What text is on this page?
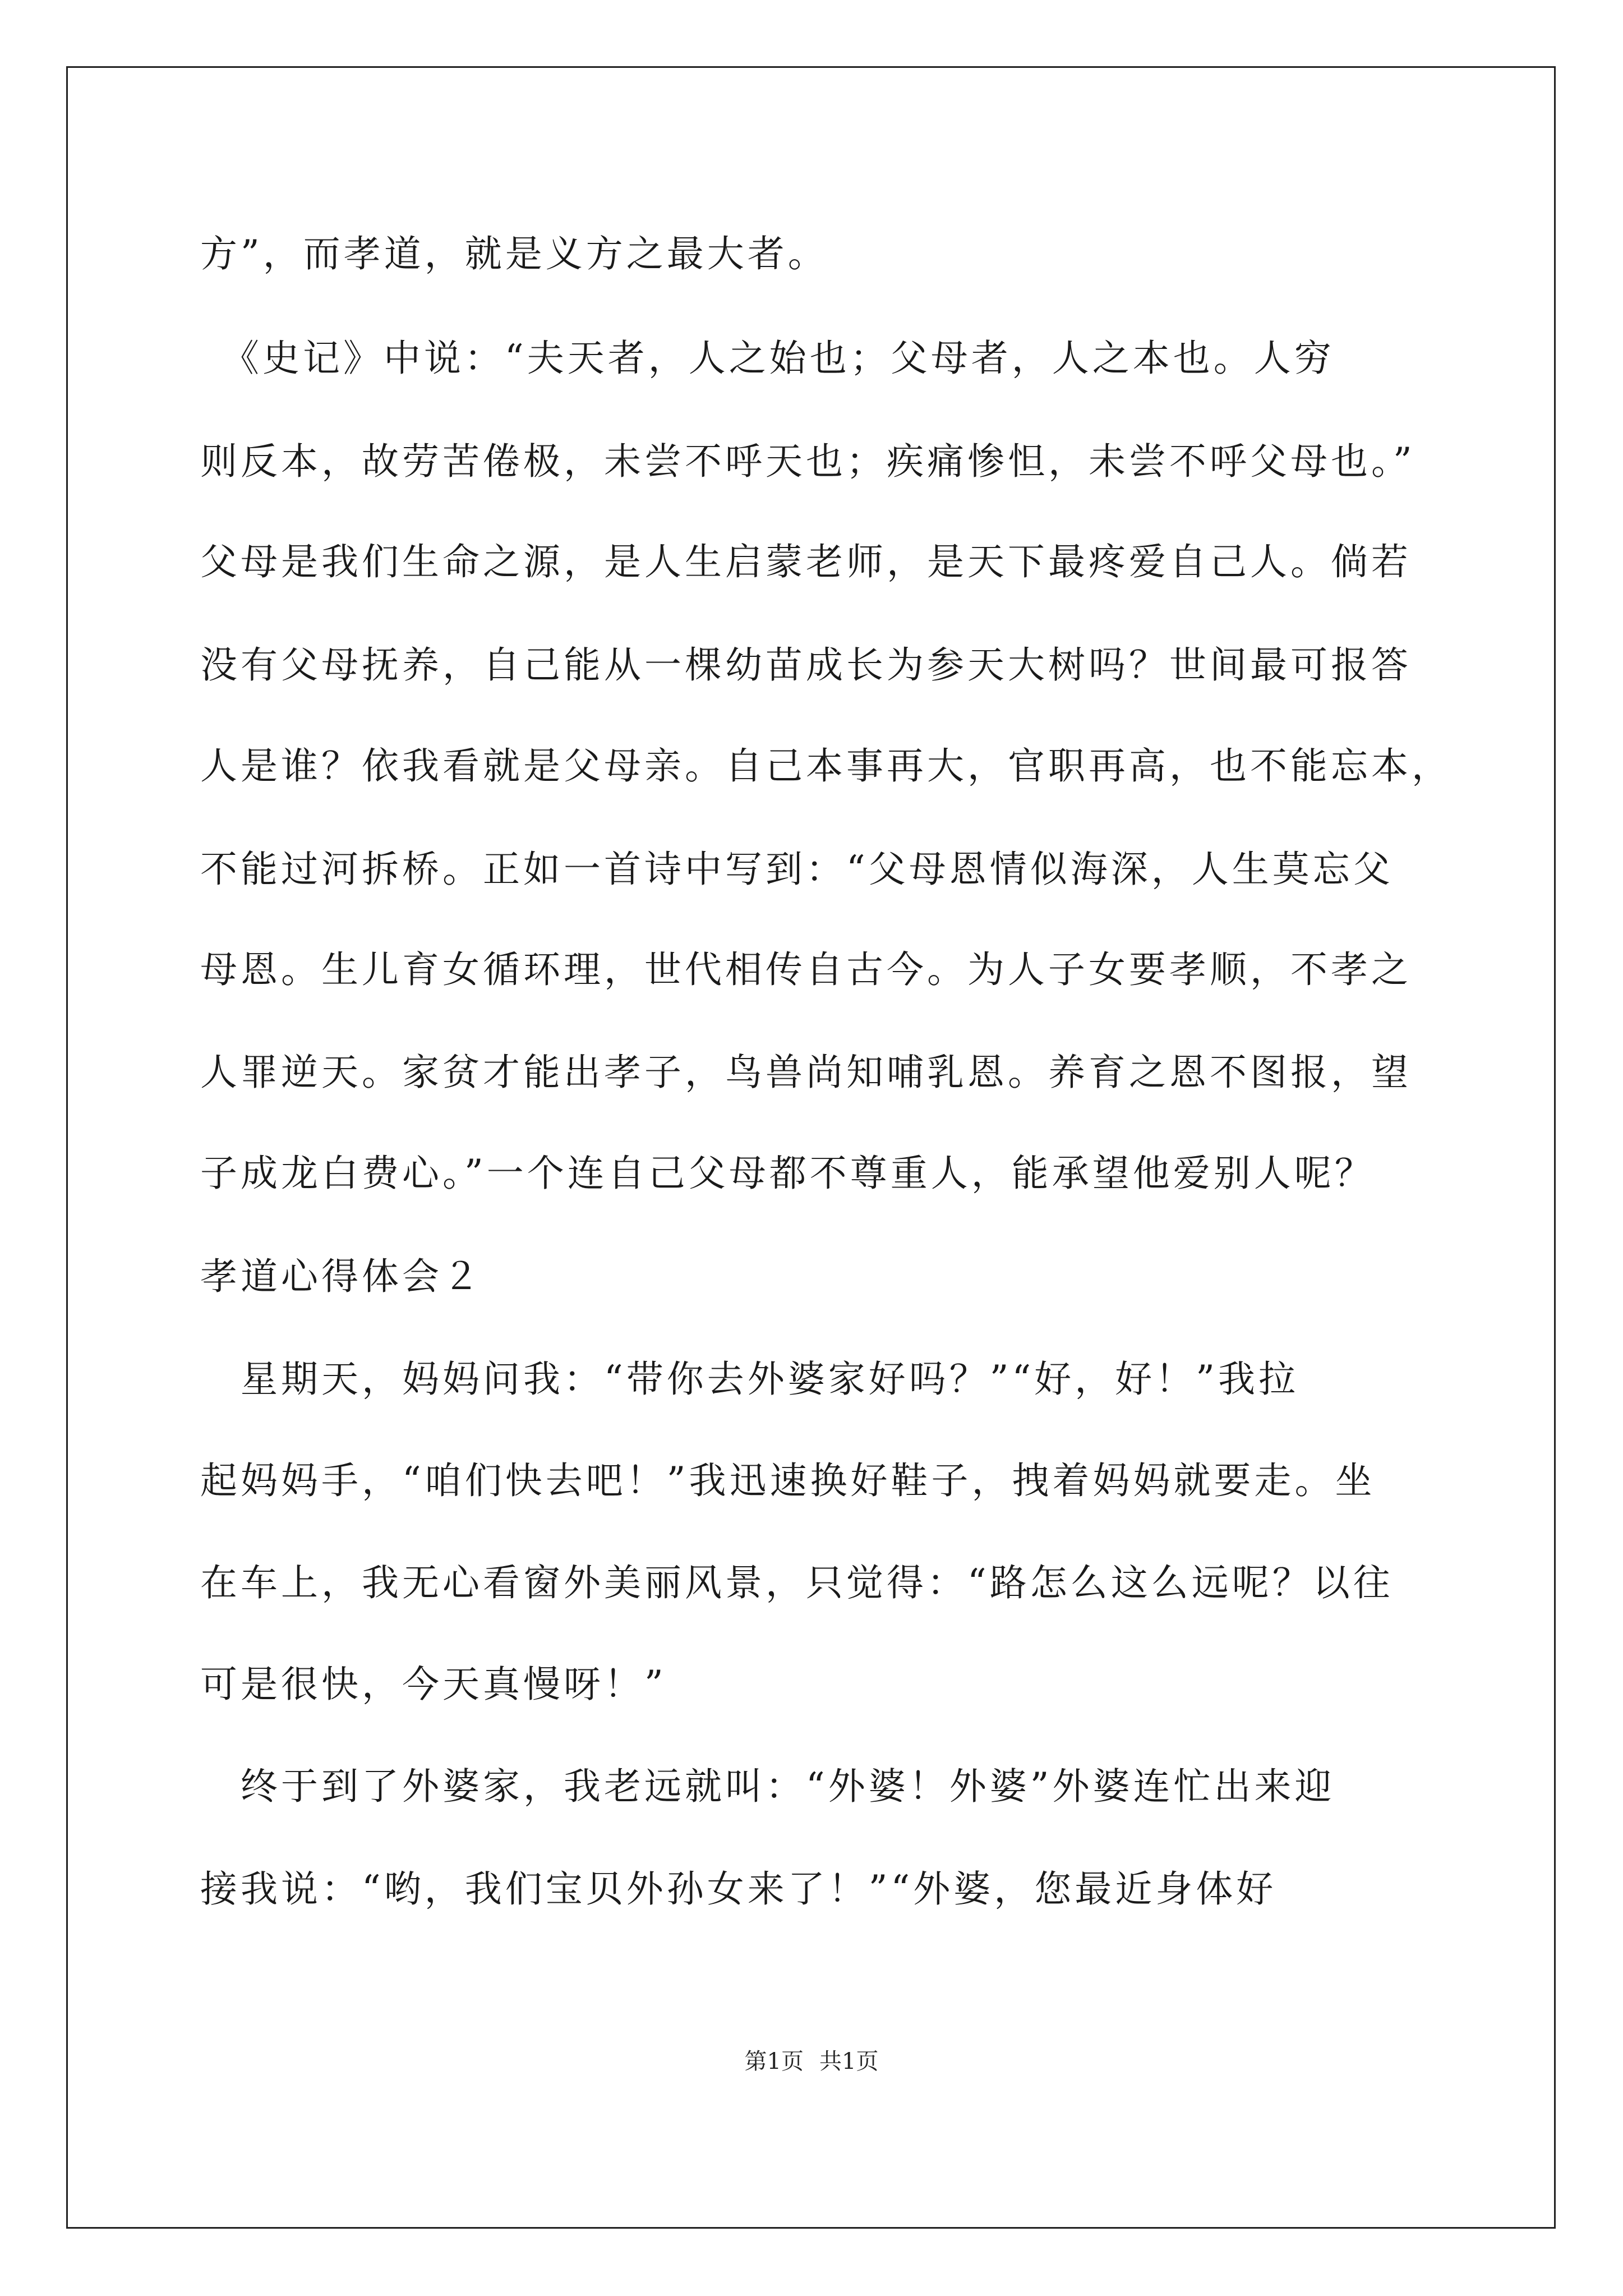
方”，而孝道，就是义方之最大者。
　《史记》中说：“夫天者，人之始也；父母者，人之本也。人穷
则反本，故劳苦倦极，未尝不呼天也；疾痛惨怛，未尝不呼父母也。”
父母是我们生命之源，是人生启蒙老师，是天下最疼爱自己人。倘若
没有父母抚养，自己能从一棵幼苗成长为参天大树吗？世间最可报答
人是谁？依我看就是父母亲。自己本事再大，官职再高，也不能忘本，
不能过河拆桥。正如一首诗中写到：“父母恩情似海深，人生莫忘父
母恩。生儿育女循环理，世代相传自古今。为人子女要孝顺，不孝之
人罪逆天。家贫才能出孝子，鸟兽尚知哺乳恩。养育之恩不图报，望
子成龙白费心。”一个连自己父母都不尊重人，能承望他爱别人呢？
孝道心得体会２
　星期天，妈妈问我：“带你去外婆家好吗？”“好，好！”我拉
起妈妈手，“咱们快去吧！”我迅速换好鞋子，拽着妈妈就要走。坐
在车上，我无心看窗外美丽风景，只觉得：“路怎么这么远呢？以往
可是很快，今天真慢呀！”
　终于到了外婆家，我老远就叫：“外婆！外婆”外婆连忙出来迎
接我说：“哟，我们宝贝外孙女来了！”“外婆，您最近身体好
第1页 共1页
